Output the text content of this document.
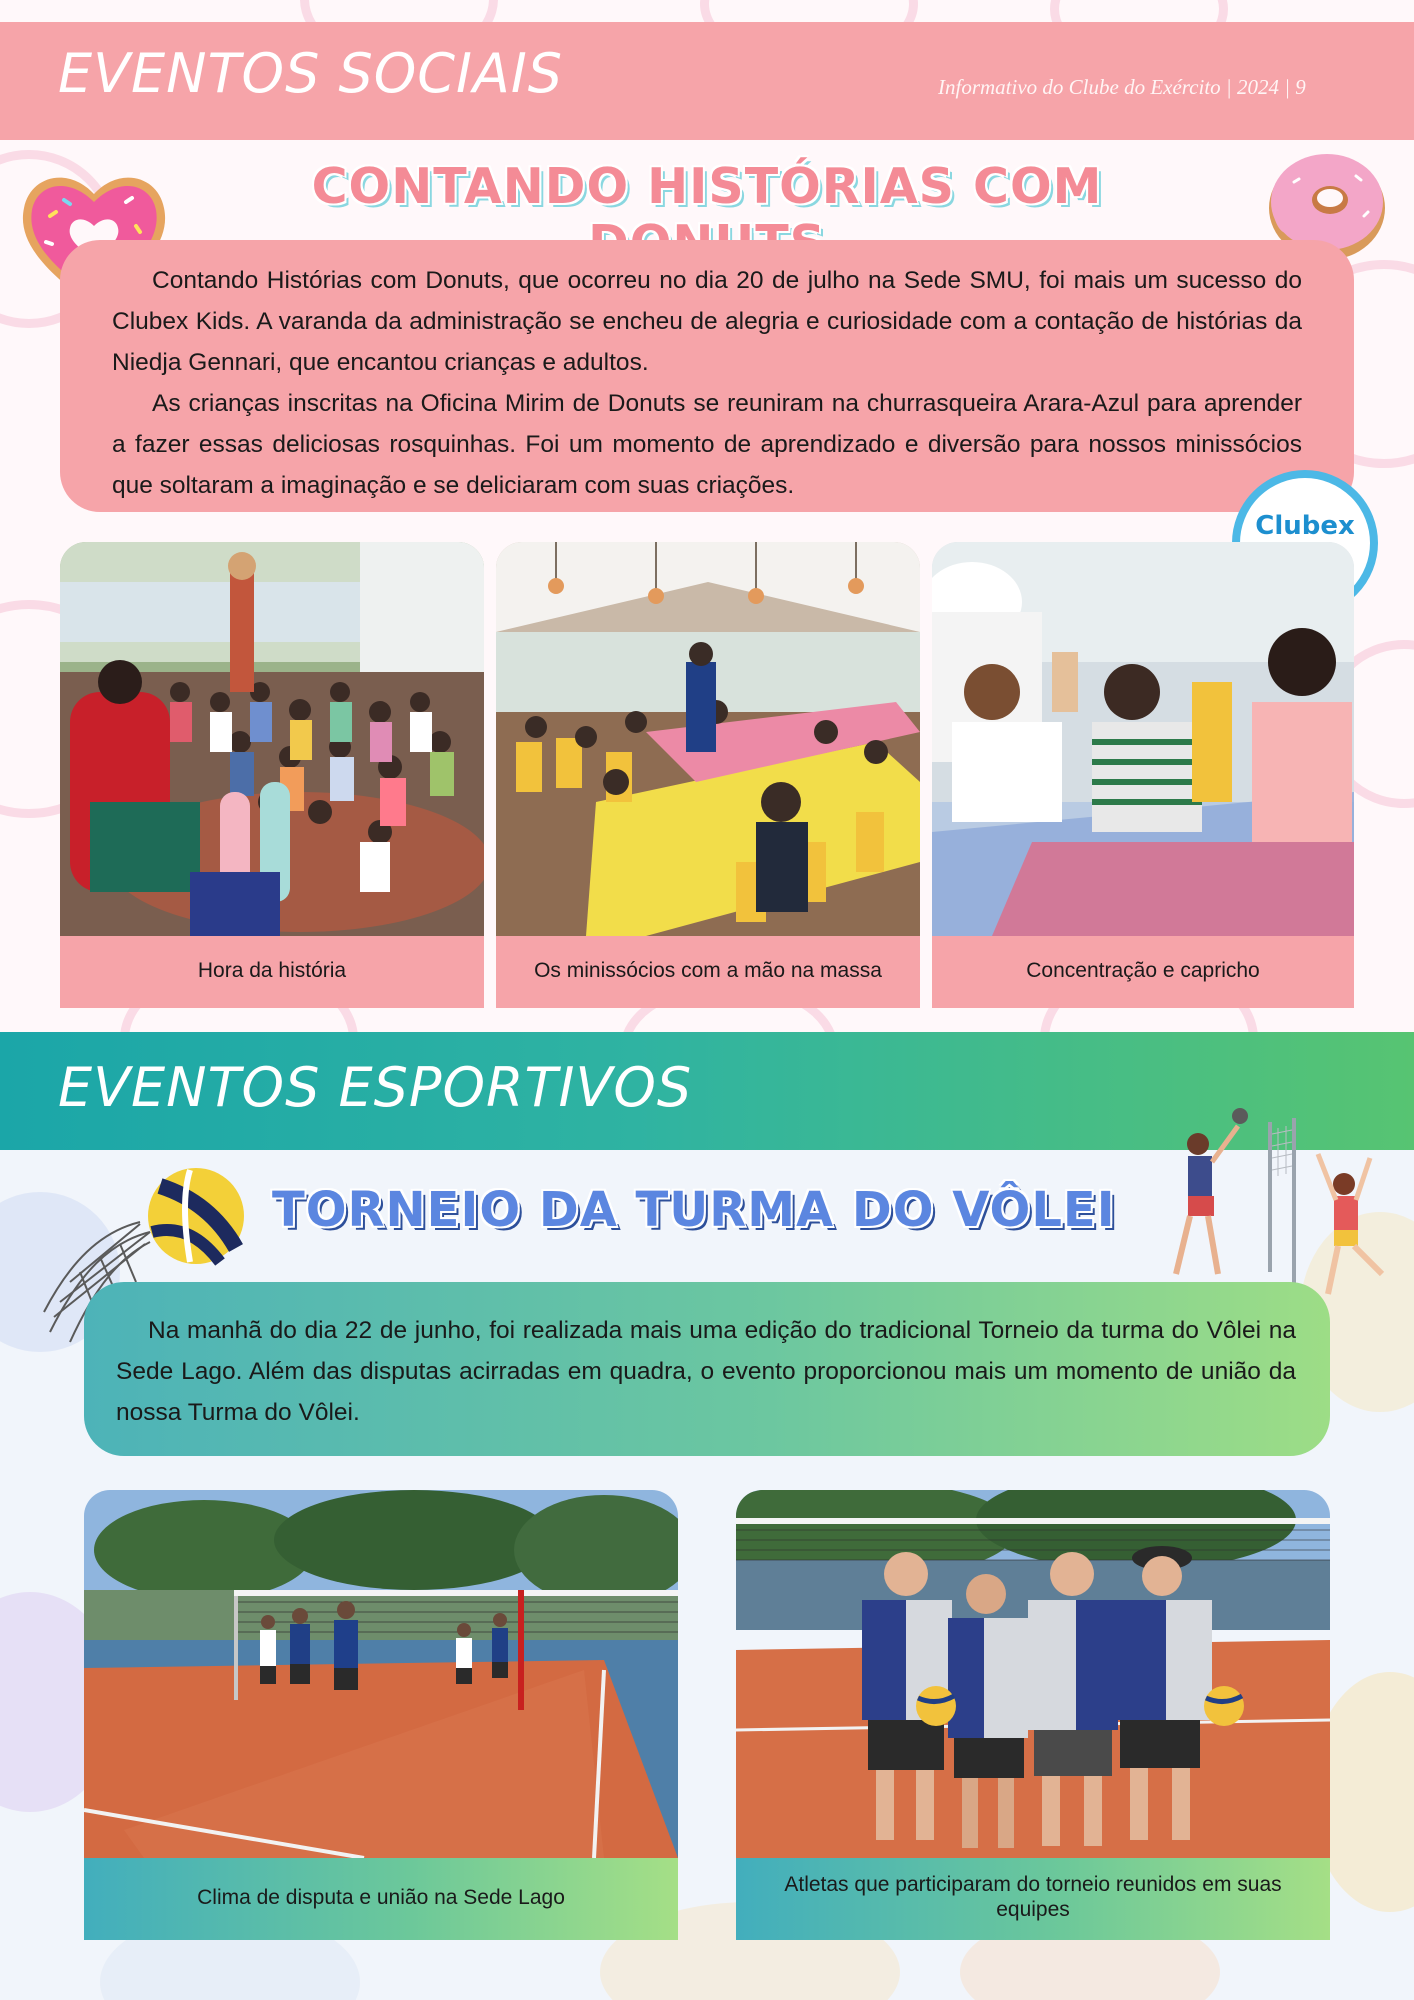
EVENTOS SOCIAIS	Informativo do Clube do Exército | 2024 | 9
CONTANDO HISTÓRIAS COM

Contando Histórias com Donuts, que ocorreu no dia 20 de julho na Sede SMU, foi mais um sucesso do Clubex Kids. A varanda da administração se encheu de alegria e curiosidade com a contação de histórias da Niedja Gennari, que encantou crianças e adultos.

As crianças inscritas na Oficina Mirim de Donuts se reuniram na churrasqueira Arara-Azul para aprender a fazer essas deliciosas rosquinhas. Foi um momento de aprendizado e diversão para nossos minissócios que soltaram a imaginação e se deliciaram com suas criações.

Clubex
Hora da história	Os minissócios com a mão na massa	Concentração e capricho
EVENTOS ESPORTIVOS
TORNEIO DA TURMA DO VÔLEI

Na manhã do dia 22 de junho, foi realizada mais uma edição do tradicional Torneio da turma do Vôlei na Sede Lago. Além das disputas acirradas em quadra, o evento proporcionou mais um momento de união da nossa Turma do Vôlei.

Clima de disputa e união na Sede Lago
Atletas que participaram do torneio reunidos em suas equipes
